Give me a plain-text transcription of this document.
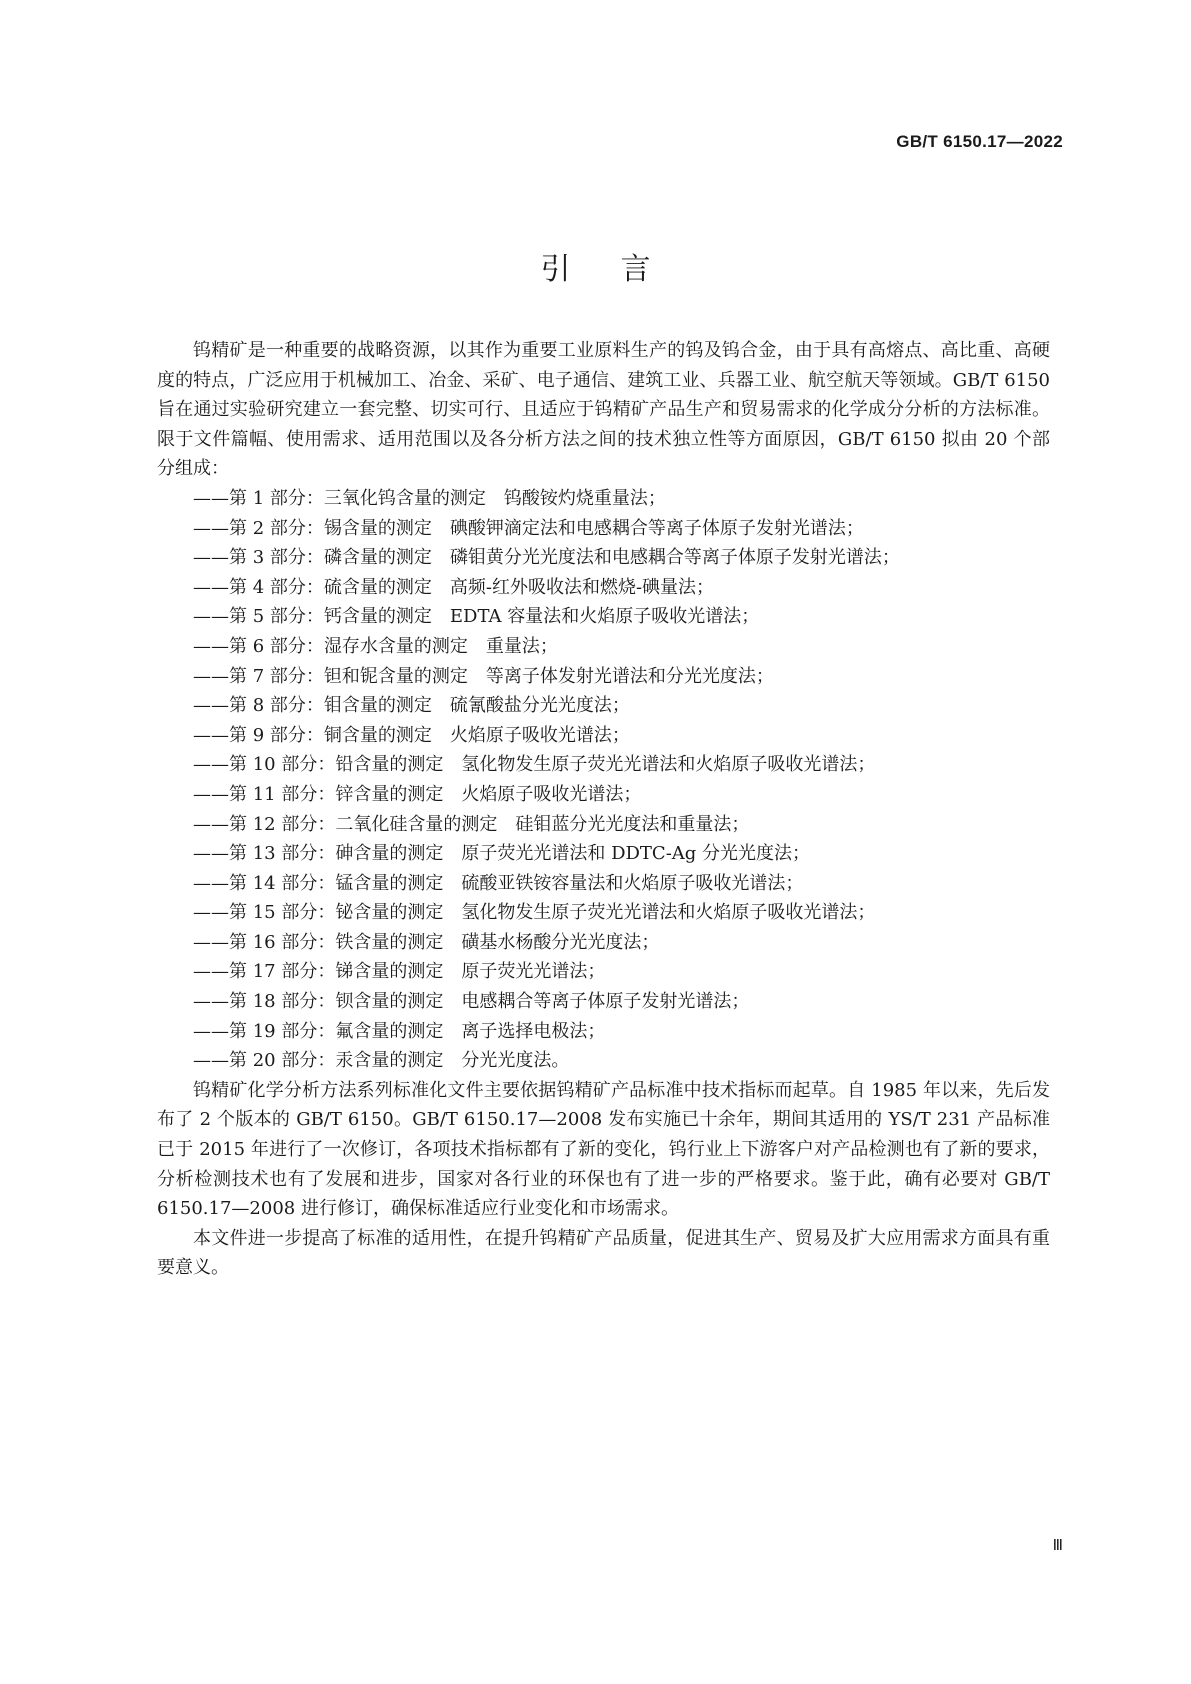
GB/T 6150.17—2022
引言

钨精矿是一种重要的战略资源，以其作为重要工业原料生产的钨及钨合金，由于具有高熔点、高比重、高硬度的特点，广泛应用于机械加工、冶金、采矿、电子通信、建筑工业、兵器工业、航空航天等领域。GB/T 6150 旨在通过实验研究建立一套完整、切实可行、且适应于钨精矿产品生产和贸易需求的化学成分分析的方法标准。限于文件篇幅、使用需求、适用范围以及各分析方法之间的技术独立性等方面原因，GB/T 6150 拟由 20 个部分组成：

——第 1 部分：三氧化钨含量的测定　钨酸铵灼烧重量法；

——第 2 部分：锡含量的测定　碘酸钾滴定法和电感耦合等离子体原子发射光谱法；

——第 3 部分：磷含量的测定　磷钼黄分光光度法和电感耦合等离子体原子发射光谱法；

——第 4 部分：硫含量的测定　高频-红外吸收法和燃烧-碘量法；

——第 5 部分：钙含量的测定　EDTA 容量法和火焰原子吸收光谱法；

——第 6 部分：湿存水含量的测定　重量法；

——第 7 部分：钽和铌含量的测定　等离子体发射光谱法和分光光度法；

——第 8 部分：钼含量的测定　硫氰酸盐分光光度法；

——第 9 部分：铜含量的测定　火焰原子吸收光谱法；

——第 10 部分：铅含量的测定　氢化物发生原子荧光光谱法和火焰原子吸收光谱法；

——第 11 部分：锌含量的测定　火焰原子吸收光谱法；

——第 12 部分：二氧化硅含量的测定　硅钼蓝分光光度法和重量法；

——第 13 部分：砷含量的测定　原子荧光光谱法和 DDTC-Ag 分光光度法；

——第 14 部分：锰含量的测定　硫酸亚铁铵容量法和火焰原子吸收光谱法；

——第 15 部分：铋含量的测定　氢化物发生原子荧光光谱法和火焰原子吸收光谱法；

——第 16 部分：铁含量的测定　磺基水杨酸分光光度法；

——第 17 部分：锑含量的测定　原子荧光光谱法；

——第 18 部分：钡含量的测定　电感耦合等离子体原子发射光谱法；

——第 19 部分：氟含量的测定　离子选择电极法；

——第 20 部分：汞含量的测定　分光光度法。

钨精矿化学分析方法系列标准化文件主要依据钨精矿产品标准中技术指标而起草。自 1985 年以来，先后发布了 2 个版本的 GB/T 6150。GB/T 6150.17—2008 发布实施已十余年，期间其适用的 YS/T 231 产品标准已于 2015 年进行了一次修订，各项技术指标都有了新的变化，钨行业上下游客户对产品检测也有了新的要求，分析检测技术也有了发展和进步，国家对各行业的环保也有了进一步的严格要求。鉴于此，确有必要对 GB/T 6150.17—2008 进行修订，确保标准适应行业变化和市场需求。

本文件进一步提高了标准的适用性，在提升钨精矿产品质量，促进其生产、贸易及扩大应用需求方面具有重要意义。

Ⅲ
